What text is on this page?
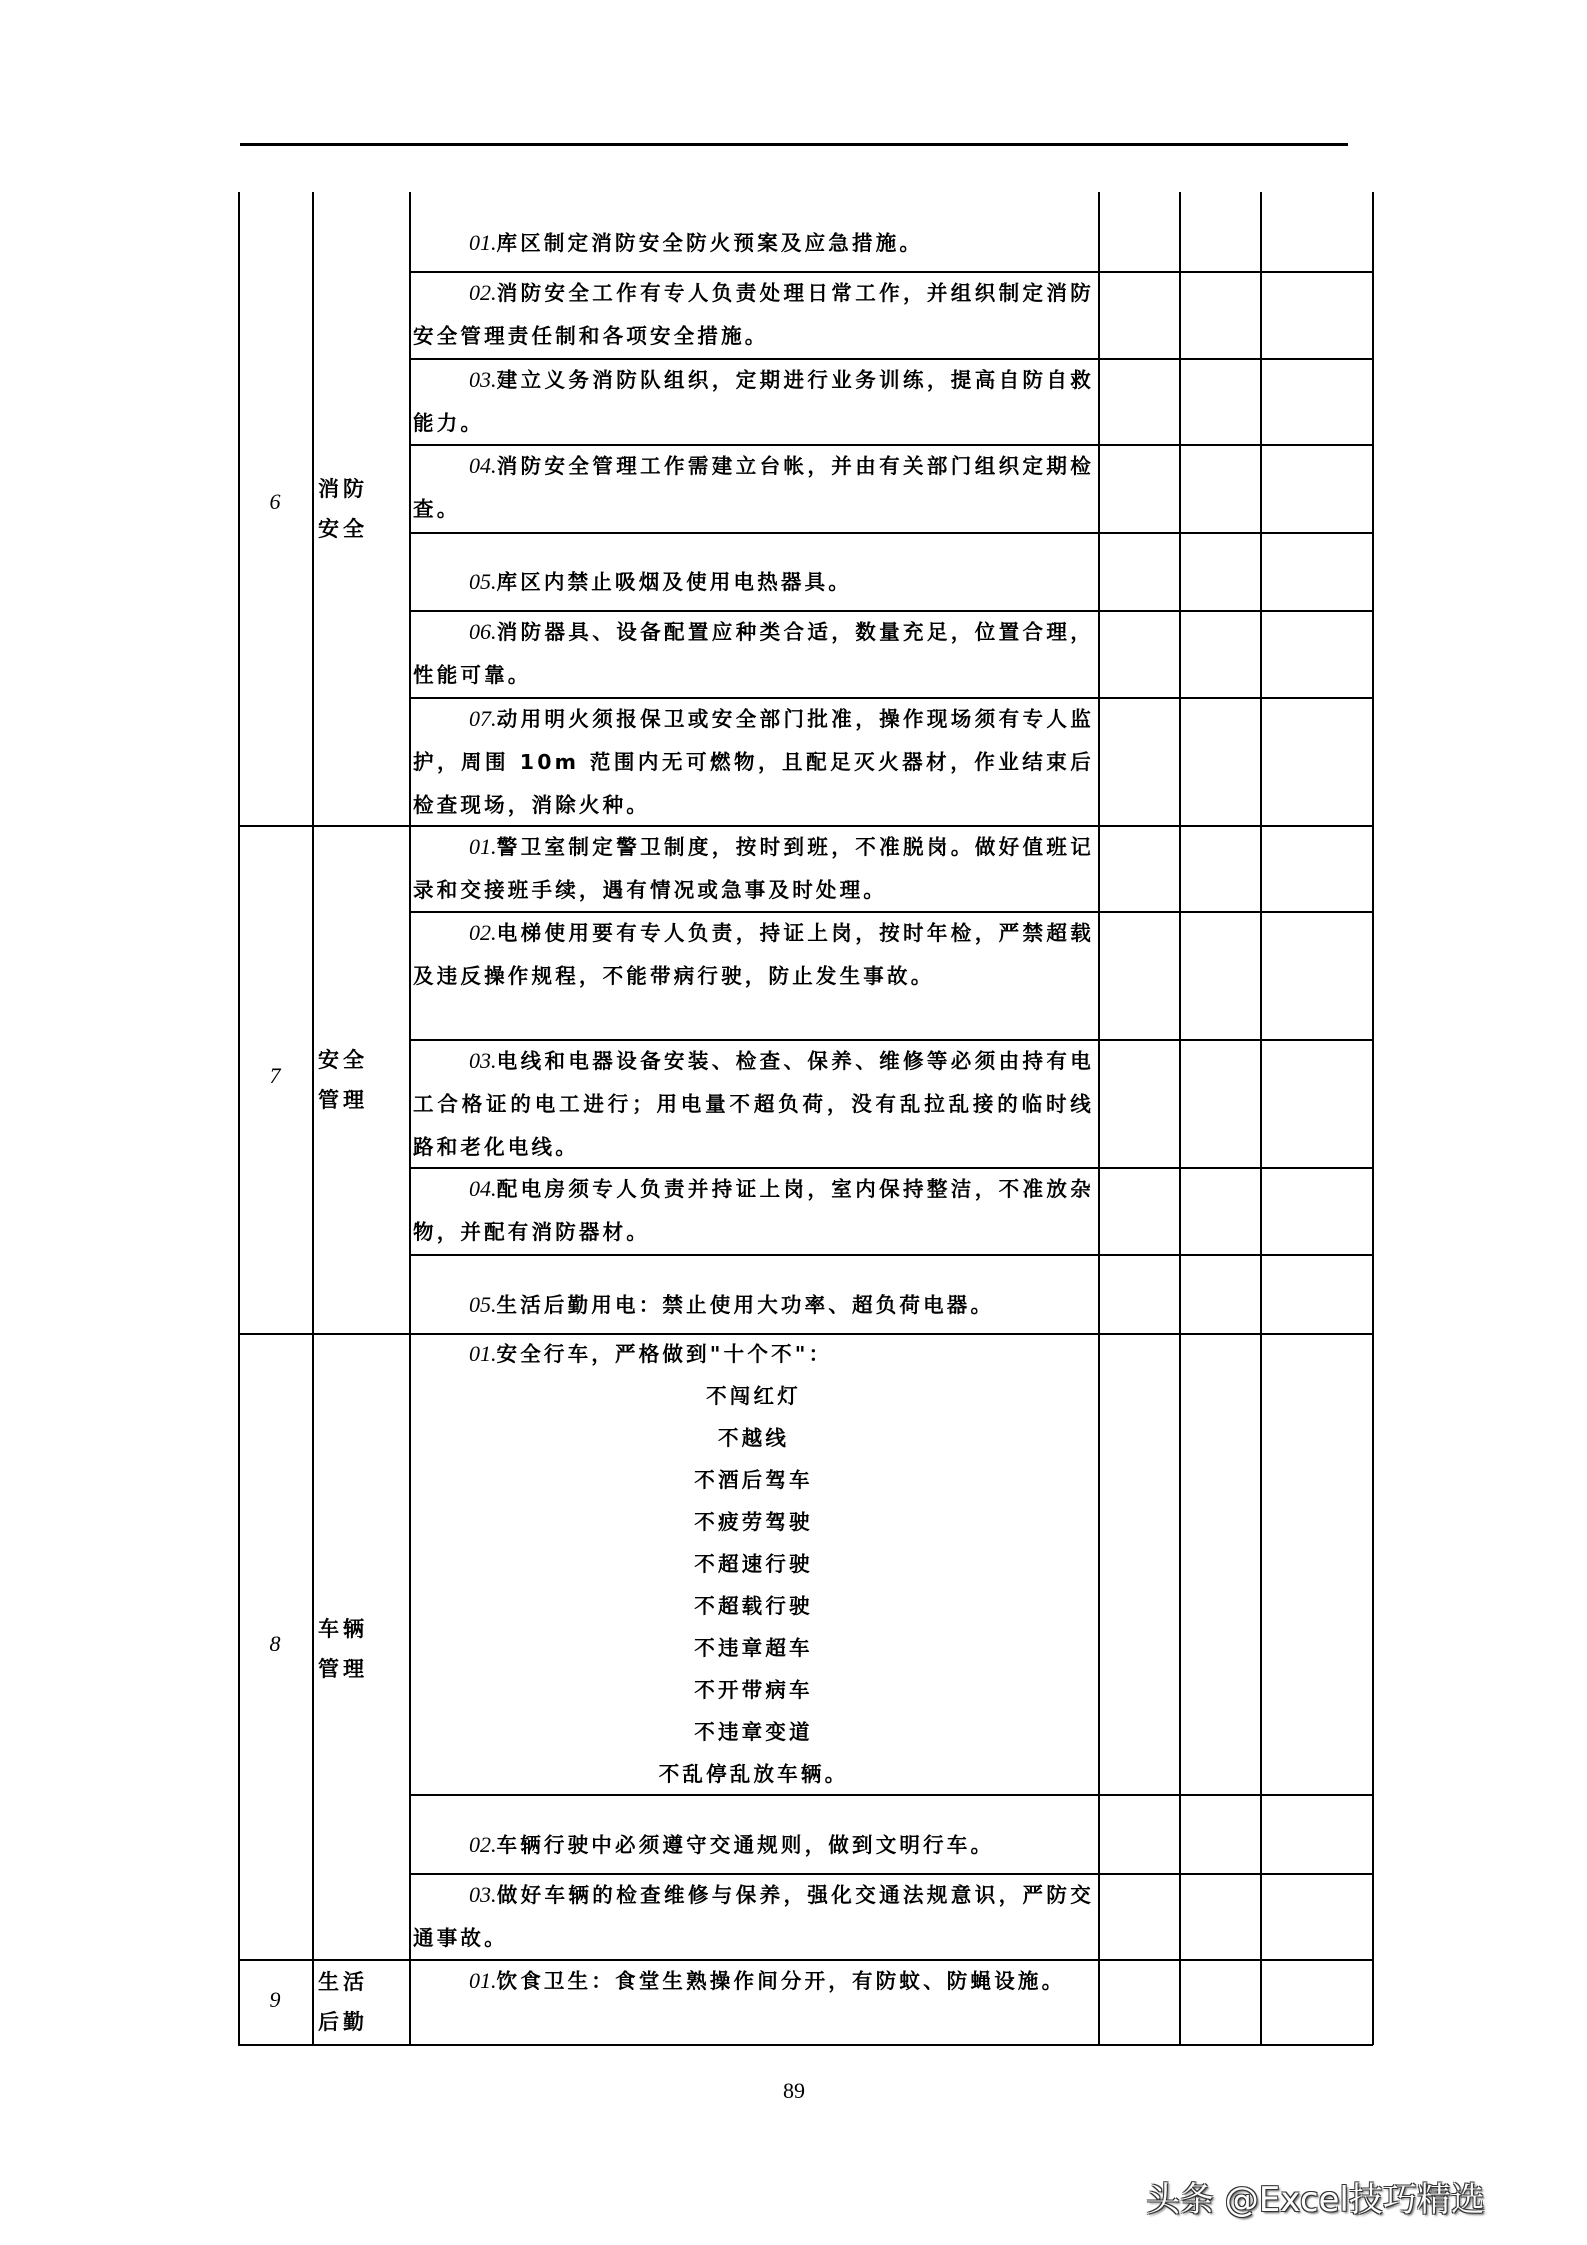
6	消防
安全
01.库区制定消防安全防火预案及应急措施。
02.消防安全工作有专人负责处理日常工作，并组织制定消防安全管理责任制和各项安全措施。
03.建立义务消防队组织，定期进行业务训练，提高自防自救能力。
04.消防安全管理工作需建立台帐，并由有关部门组织定期检查。
05.库区内禁止吸烟及使用电热器具。
06.消防器具、设备配置应种类合适，数量充足，位置合理，性能可靠。
07.动用明火须报保卫或安全部门批准，操作现场须有专人监护，周围 10m 范围内无可燃物，且配足灭火器材，作业结束后检查现场，消除火种。
7
安全
管理
01.警卫室制定警卫制度，按时到班，不准脱岗。做好值班记录和交接班手续，遇有情况或急事及时处理。
02.电梯使用要有专人负责，持证上岗，按时年检，严禁超载及违反操作规程，不能带病行驶，防止发生事故。
03.电线和电器设备安装、检查、保养、维修等必须由持有电工合格证的电工进行；用电量不超负荷，没有乱拉乱接的临时线路和老化电线。
04.配电房须专人负责并持证上岗，室内保持整洁，不准放杂物，并配有消防器材。
05.生活后勤用电：禁止使用大功率、超负荷电器。
8
车辆
管理
01.安全行车，严格做到"十个不"：
不闯红灯
不越线
不酒后驾车
不疲劳驾驶
不超速行驶
不超载行驶
不违章超车
不开带病车
不违章变道
不乱停乱放车辆。
02.车辆行驶中必须遵守交通规则，做到文明行车。
03.做好车辆的检查维修与保养，强化交通法规意识，严防交通事故。
9
生活
后勤
01.饮食卫生：食堂生熟操作间分开，有防蚊、防蝇设施。
89
头条 @Excel技巧精选
